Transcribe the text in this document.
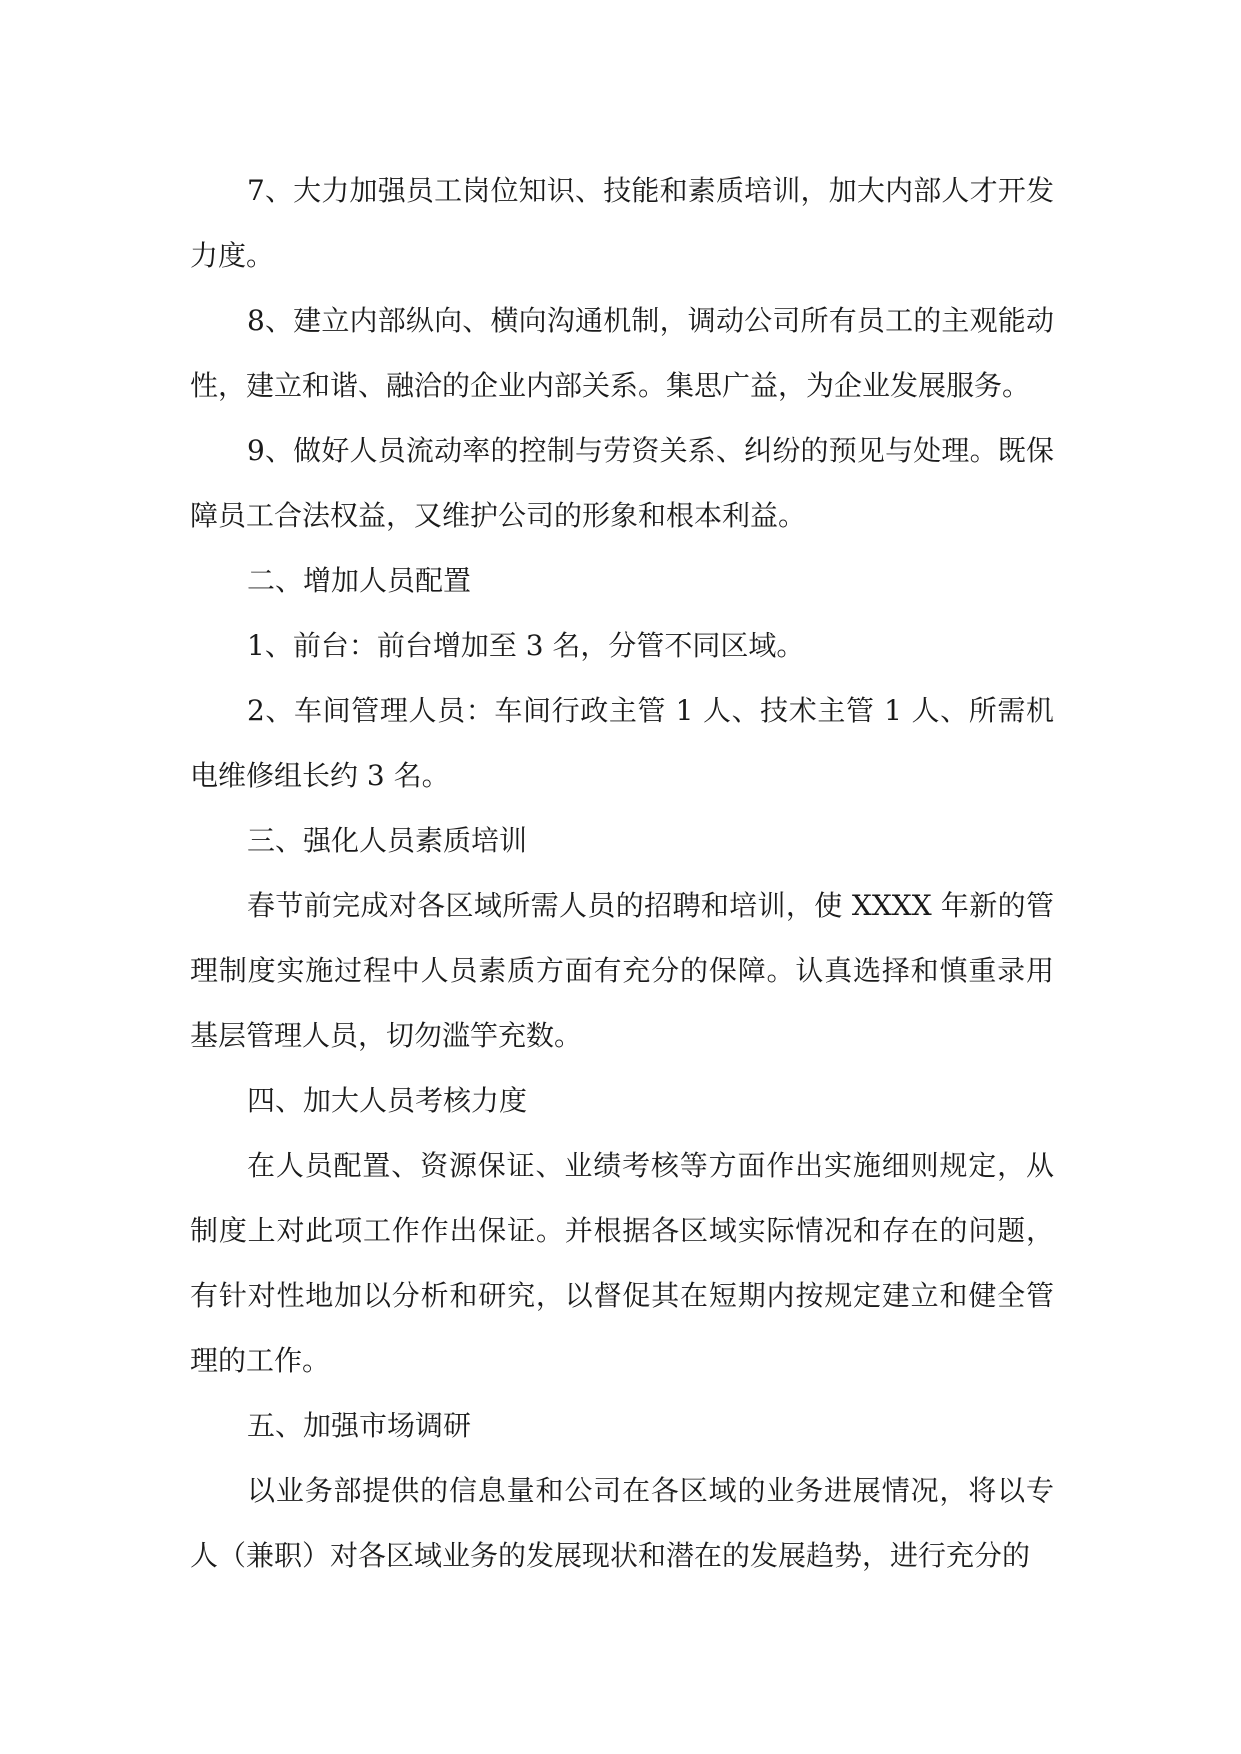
7、大力加强员工岗位知识、技能和素质培训，加大内部人才开发力度。

8、建立内部纵向、横向沟通机制，调动公司所有员工的主观能动性，建立和谐、融洽的企业内部关系。集思广益，为企业发展服务。

9、做好人员流动率的控制与劳资关系、纠纷的预见与处理。既保障员工合法权益，又维护公司的形象和根本利益。

二、增加人员配置

1、前台：前台增加至 3 名，分管不同区域。

2、车间管理人员：车间行政主管 1 人、技术主管 1 人、所需机电维修组长约 3 名。

三、强化人员素质培训

春节前完成对各区域所需人员的招聘和培训，使 XXXX 年新的管理制度实施过程中人员素质方面有充分的保障。认真选择和慎重录用基层管理人员，切勿滥竽充数。

四、加大人员考核力度

在人员配置、资源保证、业绩考核等方面作出实施细则规定，从制度上对此项工作作出保证。并根据各区域实际情况和存在的问题，有针对性地加以分析和研究，以督促其在短期内按规定建立和健全管理的工作。

五、加强市场调研

以业务部提供的信息量和公司在各区域的业务进展情况，将以专人（兼职）对各区域业务的发展现状和潜在的发展趋势，进行充分的
